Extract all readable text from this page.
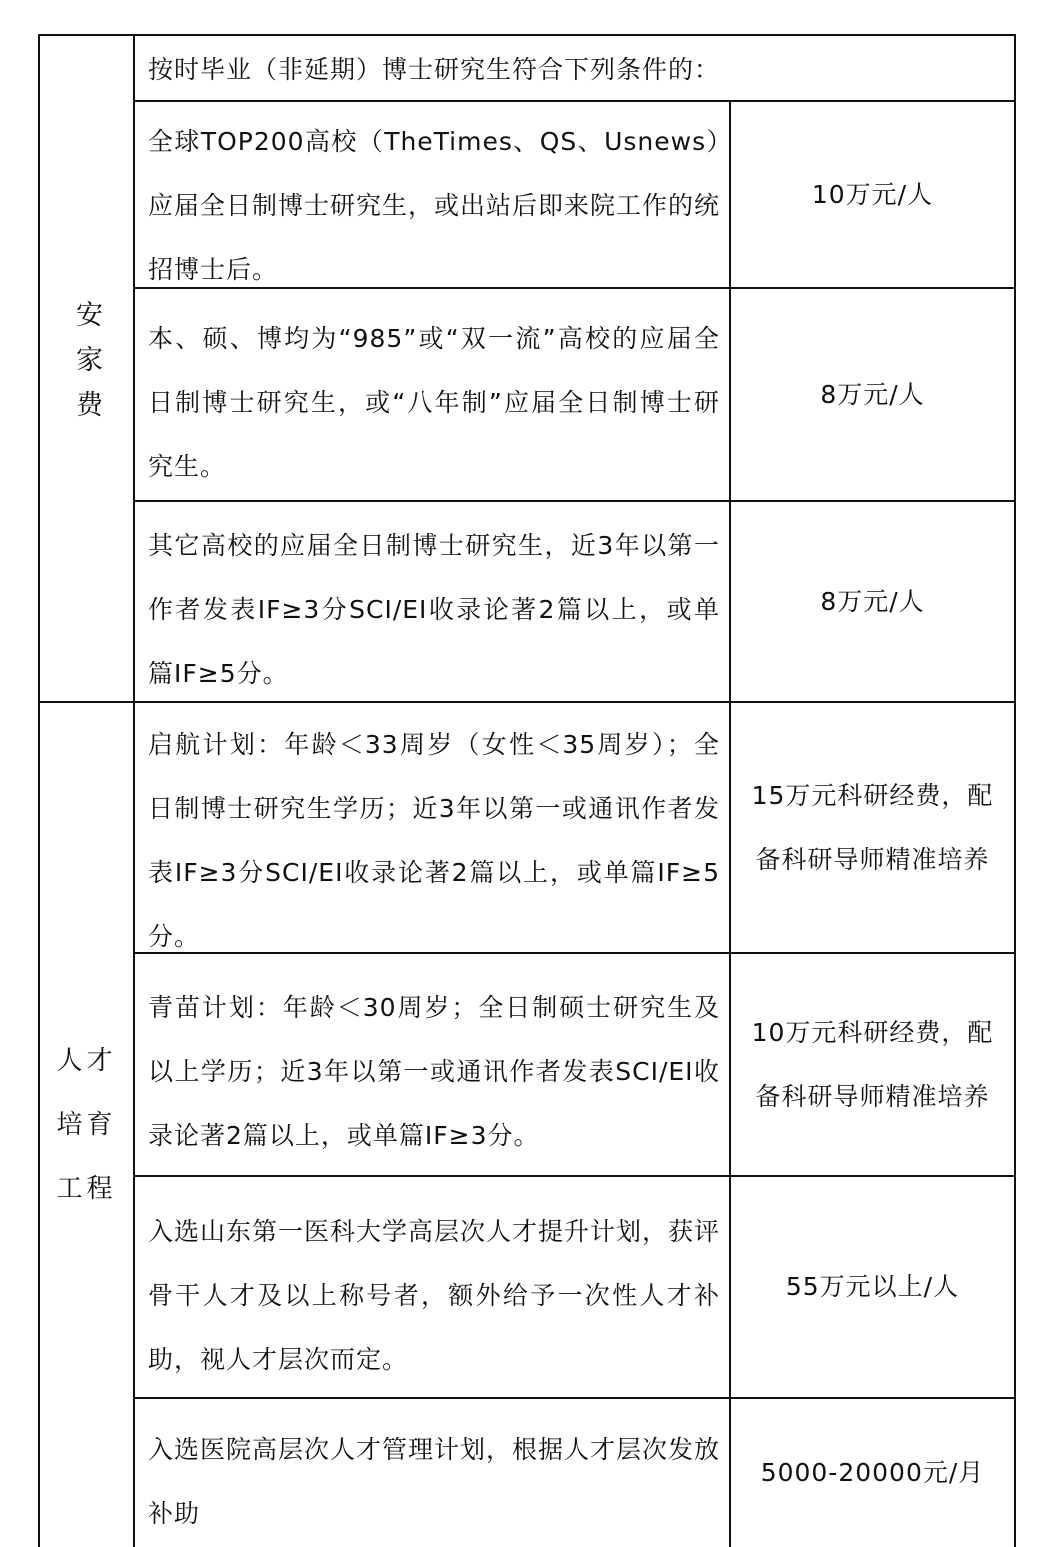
安家费
人才
培育
工程
按时毕业（非延期）博士研究生符合下列条件的：
全球TOP200高校（TheTimes、QS、Usnews）应届全日制博士研究生，或出站后即来院工作的统招博士后。
10万元/人
本、硕、博均为“985”或“双一流”高校的应届全日制博士研究生，或“八年制”应届全日制博士研究生。
8万元/人
其它高校的应届全日制博士研究生，近3年以第一作者发表IF≥3分SCI/EI收录论著2篇以上，或单篇IF≥5分。
8万元/人
启航计划：年龄＜33周岁（女性＜35周岁）；全日制博士研究生学历；近3年以第一或通讯作者发表IF≥3分SCI/EI收录论著2篇以上，或单篇IF≥5分。
15万元科研经费，配备科研导师精准培养
青苗计划：年龄＜30周岁；全日制硕士研究生及以上学历；近3年以第一或通讯作者发表SCI/EI收录论著2篇以上，或单篇IF≥3分。
10万元科研经费，配备科研导师精准培养
入选山东第一医科大学高层次人才提升计划，获评骨干人才及以上称号者，额外给予一次性人才补助，视人才层次而定。
55万元以上/人
入选医院高层次人才管理计划，根据人才层次发放补助
5000-20000元/月
